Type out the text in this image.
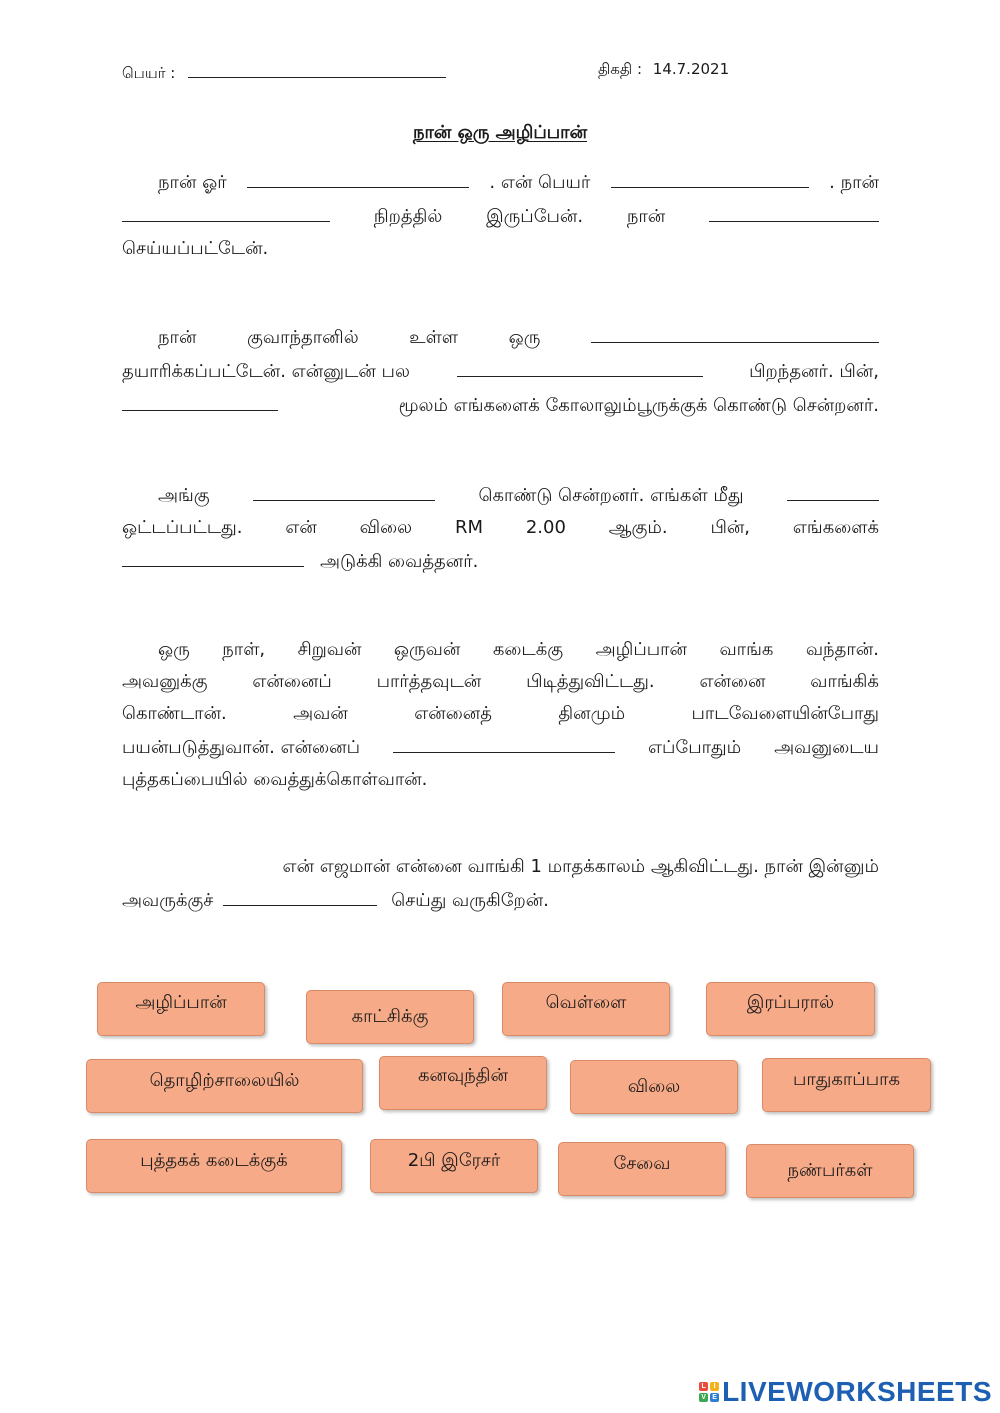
பெயர் :	திகதி : 14.7.2021
நான் ஒரு அழிப்பான்
நான் ஓர்	. என் பெயர்	. நான்
நிறத்தில் இருப்பேன். நான்
செய்யப்பட்டேன்.
நான்	குவாந்தானில்	உள்ள	ஒரு
தயாரிக்கப்பட்டேன். என்னுடன் பல	பிறந்தனர். பின்,
மூலம் எங்களைக் கோலாலும்பூருக்குக் கொண்டு சென்றனர்.
அங்கு	கொண்டு சென்றனர். எங்கள் மீது
ஒட்டப்பட்டது. என் விலை RM 2.00 ஆகும். பின், எங்களைக்
அடுக்கி வைத்தனர்.
ஒரு நாள், சிறுவன் ஒருவன் கடைக்கு அழிப்பான் வாங்க வந்தான்.
அவனுக்கு என்னைப் பார்த்தவுடன் பிடித்துவிட்டது. என்னை வாங்கிக்
கொண்டான்.	அவன்	என்னைத்	தினமும்	பாடவேளையின்போது
பயன்படுத்துவான். என்னைப்	எப்போதும் அவனுடைய
புத்தகப்பையில் வைத்துக்கொள்வான்.
என் எஜமான் என்னை வாங்கி 1 மாதக்காலம் ஆகிவிட்டது. நான் இன்னும்
அவருக்குச்	செய்து வருகிறேன்.
அழிப்பான்
காட்சிக்கு
வெள்ளை	இரப்பரால்
தொழிற்சாலையில்	கனவுந்தின்	விலை	பாதுகாப்பாக
புத்தகக் கடைக்குக்	2பி இரேசர்	சேவை	நண்பர்கள்
L	I
V E LIVEWORKSHEETS
